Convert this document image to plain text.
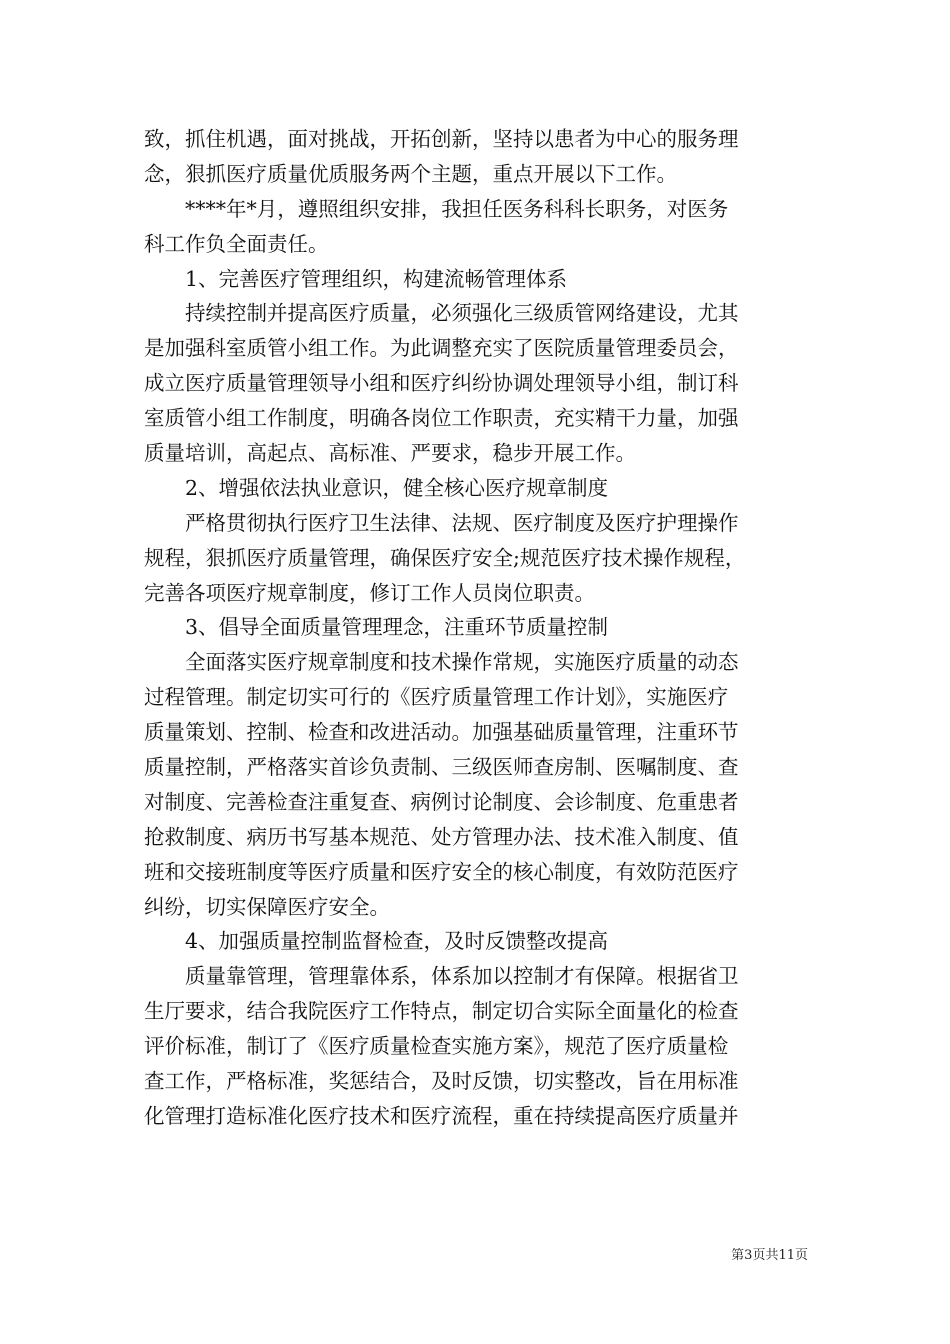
致，抓住机遇，面对挑战，开拓创新，坚持以患者为中心的服务理
念，狠抓医疗质量优质服务两个主题，重点开展以下工作。
　　****年*月，遵照组织安排，我担任医务科科长职务，对医务
科工作负全面责任。
　　1、完善医疗管理组织，构建流畅管理体系
　　持续控制并提高医疗质量，必须强化三级质管网络建设，尤其
是加强科室质管小组工作。为此调整充实了医院质量管理委员会，
成立医疗质量管理领导小组和医疗纠纷协调处理领导小组，制订科
室质管小组工作制度，明确各岗位工作职责，充实精干力量，加强
质量培训，高起点、高标准、严要求，稳步开展工作。
　　2、增强依法执业意识，健全核心医疗规章制度
　　严格贯彻执行医疗卫生法律、法规、医疗制度及医疗护理操作
规程，狠抓医疗质量管理，确保医疗安全;规范医疗技术操作规程，
完善各项医疗规章制度，修订工作人员岗位职责。
　　3、倡导全面质量管理理念，注重环节质量控制
　　全面落实医疗规章制度和技术操作常规，实施医疗质量的动态
过程管理。制定切实可行的《医疗质量管理工作计划》，实施医疗
质量策划、控制、检查和改进活动。加强基础质量管理，注重环节
质量控制，严格落实首诊负责制、三级医师查房制、医嘱制度、查
对制度、完善检查注重复查、病例讨论制度、会诊制度、危重患者
抢救制度、病历书写基本规范、处方管理办法、技术准入制度、值
班和交接班制度等医疗质量和医疗安全的核心制度，有效防范医疗
纠纷，切实保障医疗安全。
　　4、加强质量控制监督检查，及时反馈整改提高
　　质量靠管理，管理靠体系，体系加以控制才有保障。根据省卫
生厅要求，结合我院医疗工作特点，制定切合实际全面量化的检查
评价标准，制订了《医疗质量检查实施方案》，规范了医疗质量检
查工作，严格标准，奖惩结合，及时反馈，切实整改，旨在用标准
化管理打造标准化医疗技术和医疗流程，重在持续提高医疗质量并
第3页共11页
